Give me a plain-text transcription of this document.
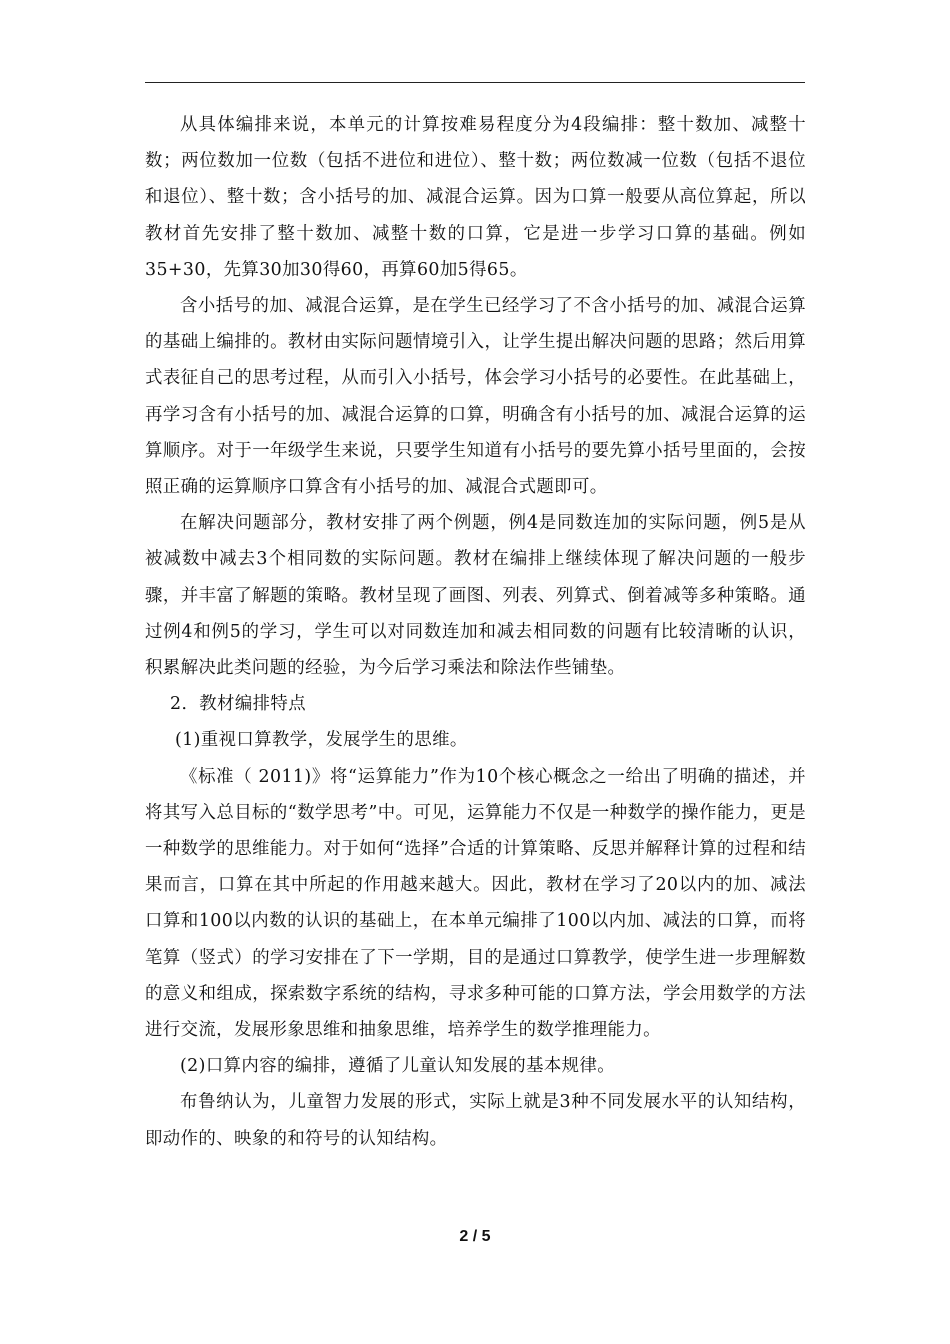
从具体编排来说，本单元的计算按难易程度分为4段编排：整十数加、减整十数；两位数加一位数（包括不进位和进位）、整十数；两位数减一位数（包括不退位和退位）、整十数；含小括号的加、减混合运算。因为口算一般要从高位算起，所以教材首先安排了整十数加、减整十数的口算，它是进一步学习口算的基础。例如35+30，先算30加30得60，再算60加5得65。

含小括号的加、减混合运算，是在学生已经学习了不含小括号的加、减混合运算的基础上编排的。教材由实际问题情境引入，让学生提出解决问题的思路；然后用算式表征自己的思考过程，从而引入小括号，体会学习小括号的必要性。在此基础上，再学习含有小括号的加、减混合运算的口算，明确含有小括号的加、减混合运算的运算顺序。对于一年级学生来说，只要学生知道有小括号的要先算小括号里面的，会按照正确的运算顺序口算含有小括号的加、减混合式题即可。

在解决问题部分，教材安排了两个例题，例4是同数连加的实际问题，例5是从被减数中减去3个相同数的实际问题。教材在编排上继续体现了解决问题的一般步骤，并丰富了解题的策略。教材呈现了画图、列表、列算式、倒着减等多种策略。通过例4和例5的学习，学生可以对同数连加和减去相同数的问题有比较清晰的认识，积累解决此类问题的经验，为今后学习乘法和除法作些铺垫。

2．教材编排特点

(1)重视口算教学，发展学生的思维。

《标准（ 2011)》将“运算能力”作为10个核心概念之一给出了明确的描述，并将其写入总目标的“数学思考”中。可见，运算能力不仅是一种数学的操作能力，更是一种数学的思维能力。对于如何“选择”合适的计算策略、反思并解释计算的过程和结果而言，口算在其中所起的作用越来越大。因此，教材在学习了20以内的加、减法口算和100以内数的认识的基础上，在本单元编排了100以内加、减法的口算，而将笔算（竖式）的学习安排在了下一学期，目的是通过口算教学，使学生进一步理解数的意义和组成，探索数字系统的结构，寻求多种可能的口算方法，学会用数学的方法进行交流，发展形象思维和抽象思维，培养学生的数学推理能力。

(2)口算内容的编排，遵循了儿童认知发展的基本规律。

布鲁纳认为，儿童智力发展的形式，实际上就是3种不同发展水平的认知结构，即动作的、映象的和符号的认知结构。

2 / 5
